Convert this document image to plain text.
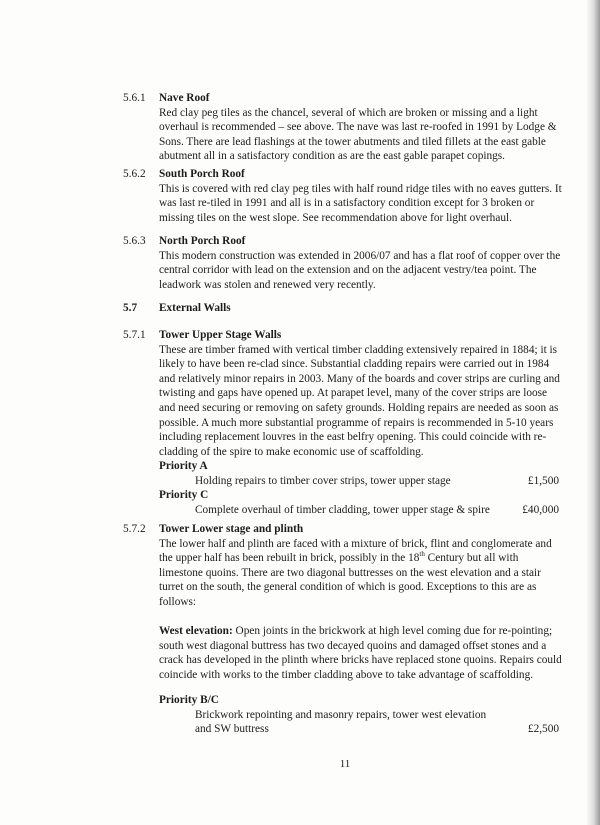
5.6.1 Nave Roof

Red clay peg tiles as the chancel, several of which are broken or missing and a light overhaul is recommended – see above. The nave was last re-roofed in 1991 by Lodge & Sons. There are lead flashings at the tower abutments and tiled fillets at the east gable abutment all in a satisfactory condition as are the east gable parapet copings.

5.6.2 South Porch Roof

This is covered with red clay peg tiles with half round ridge tiles with no eaves gutters. It was last re-tiled in 1991 and all is in a satisfactory condition except for 3 broken or missing tiles on the west slope. See recommendation above for light overhaul.

5.6.3 North Porch Roof

This modern construction was extended in 2006/07 and has a flat roof of copper over the central corridor with lead on the extension and on the adjacent vestry/tea point. The leadwork was stolen and renewed very recently.

5.7 External Walls
5.7.1 Tower Upper Stage Walls

These are timber framed with vertical timber cladding extensively repaired in 1884; it is likely to have been re-clad since. Substantial cladding repairs were carried out in 1984 and relatively minor repairs in 2003. Many of the boards and cover strips are curling and twisting and gaps have opened up. At parapet level, many of the cover strips are loose and need securing or removing on safety grounds. Holding repairs are needed as soon as possible. A much more substantial programme of repairs is recommended in 5-10 years including replacement louvres in the east belfry opening. This could coincide with re-cladding of the spire to make economic use of scaffolding.

Priority A
Holding repairs to timber cover strips, tower upper stage	£1,500
Priority C
Complete overhaul of timber cladding, tower upper stage & spire	£40,000
5.7.2 Tower Lower stage and plinth

The lower half and plinth are faced with a mixture of brick, flint and conglomerate and the upper half has been rebuilt in brick, possibly in the 18th Century but all with limestone quoins. There are two diagonal buttresses on the west elevation and a stair turret on the south, the general condition of which is good. Exceptions to this are as follows:

West elevation: Open joints in the brickwork at high level coming due for re-pointing; south west diagonal buttress has two decayed quoins and damaged offset stones and a crack has developed in the plinth where bricks have replaced stone quoins. Repairs could coincide with works to the timber cladding above to take advantage of scaffolding.

Priority B/C
Brickwork repointing and masonry repairs, tower west elevation
and SW buttress	£2,500
11
